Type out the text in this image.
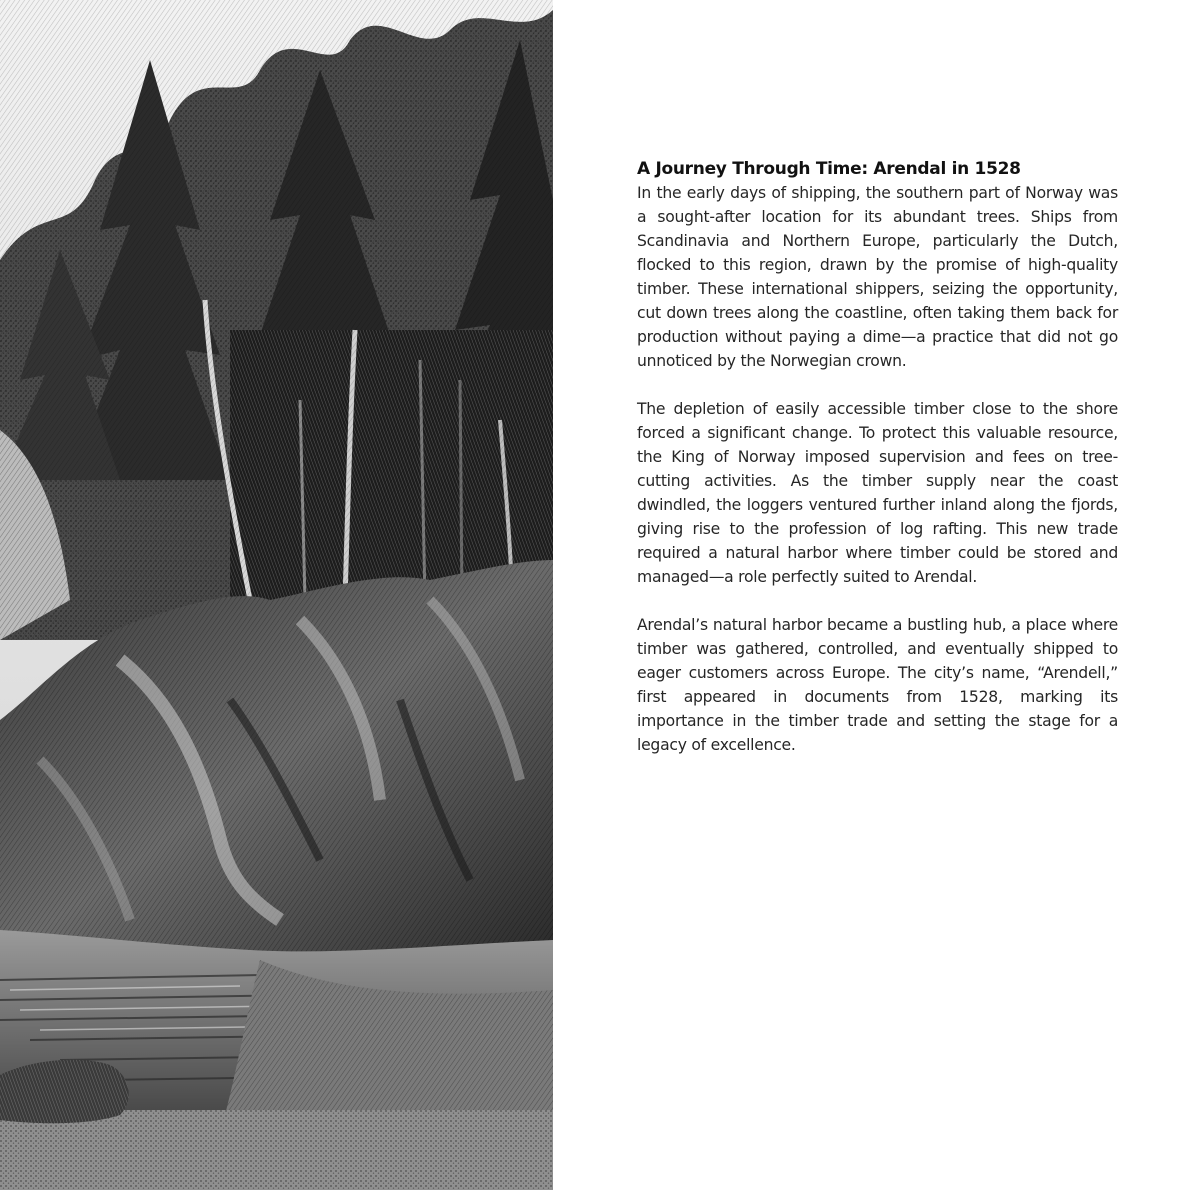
A Journey Through Time: Arendal in 1528

In the early days of shipping, the southern part of Norway was a sought-after location for its abundant trees. Ships from Scandinavia and Northern Europe, particularly the Dutch, flocked to this region, drawn by the promise of high-quality timber. These international shippers, seizing the opportunity, cut down trees along the coastline, often taking them back for production without paying a dime—a practice that did not go unnoticed by the Norwegian crown.

The depletion of easily accessible timber close to the shore forced a significant change. To protect this valuable resource, the King of Norway imposed supervision and fees on tree-cutting activities. As the timber supply near the coast dwindled, the loggers ventured further inland along the fjords, giving rise to the profession of log rafting. This new trade required a natural harbor where timber could be stored and managed—a role perfectly suited to Arendal.

Arendal’s natural harbor became a bustling hub, a place where timber was gathered, controlled, and eventually shipped to eager customers across Europe. The city’s name, “Arendell,” first appeared in documents from 1528, marking its importance in the timber trade and setting the stage for a legacy of excellence.
